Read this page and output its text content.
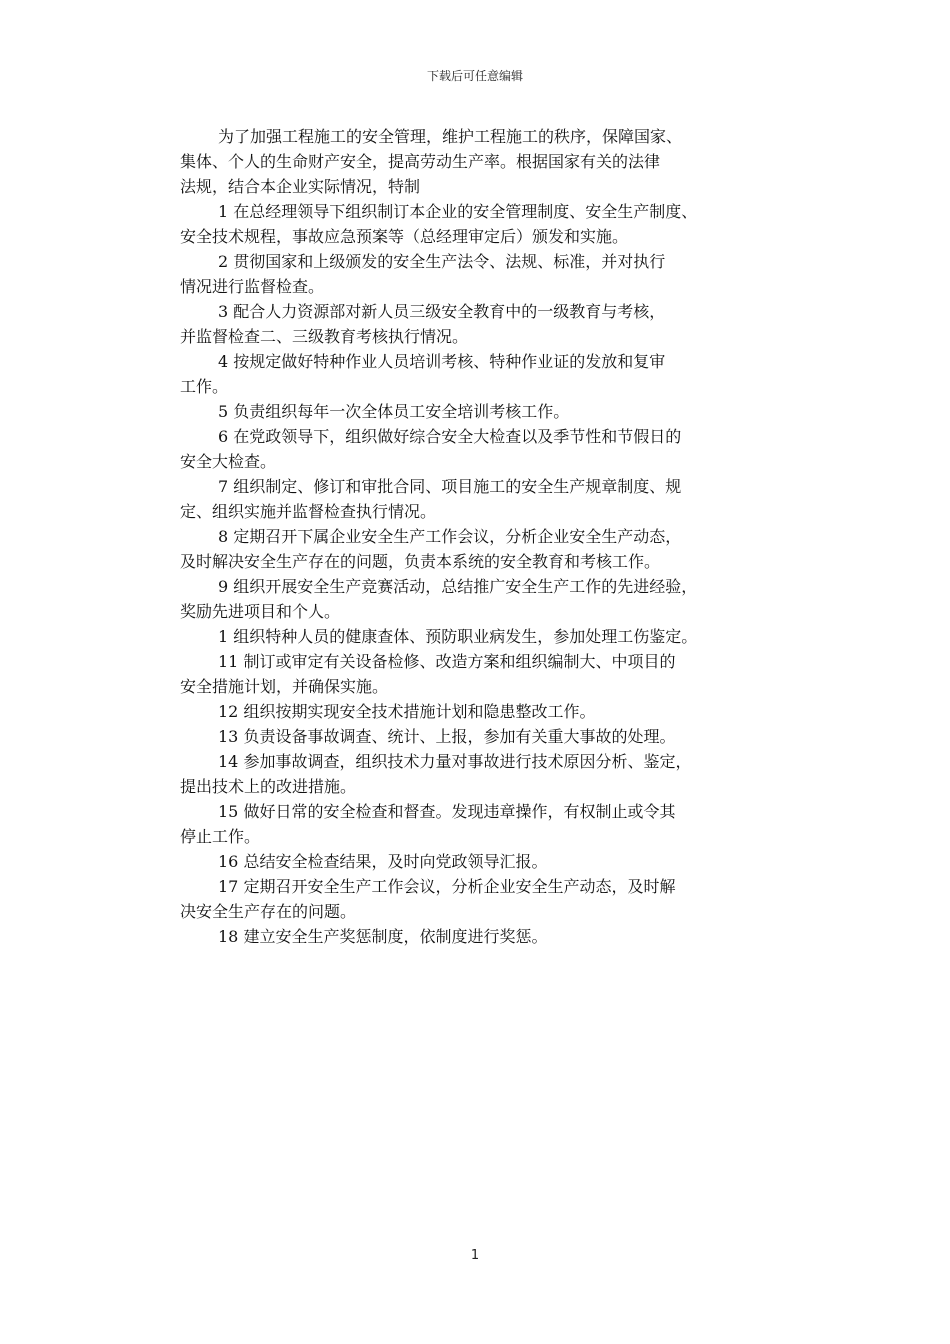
下载后可任意编辑

为了加强工程施工的安全管理，维护工程施工的秩序，保障国家、
集体、个人的生命财产安全，提高劳动生产率。根据国家有关的法律
法规，结合本企业实际情况，特制

1 在总经理领导下组织制订本企业的安全管理制度、安全生产制度、
安全技术规程，事故应急预案等（总经理审定后）颁发和实施。

2 贯彻国家和上级颁发的安全生产法令、法规、标准，并对执行
情况进行监督检查。

3 配合人力资源部对新人员三级安全教育中的一级教育与考核，
并监督检查二、三级教育考核执行情况。

4 按规定做好特种作业人员培训考核、特种作业证的发放和复审
工作。

5 负责组织每年一次全体员工安全培训考核工作。

6 在党政领导下，组织做好综合安全大检查以及季节性和节假日的
安全大检查。

7 组织制定、修订和审批合同、项目施工的安全生产规章制度、规
定、组织实施并监督检查执行情况。

8 定期召开下属企业安全生产工作会议，分析企业安全生产动态，
及时解决安全生产存在的问题，负责本系统的安全教育和考核工作。

9 组织开展安全生产竞赛活动，总结推广安全生产工作的先进经验，
奖励先进项目和个人。

1 组织特种人员的健康查体、预防职业病发生，参加处理工伤鉴定。

11 制订或审定有关设备检修、改造方案和组织编制大、中项目的
安全措施计划，并确保实施。

12 组织按期实现安全技术措施计划和隐患整改工作。

13 负责设备事故调查、统计、上报，参加有关重大事故的处理。

14 参加事故调查，组织技术力量对事故进行技术原因分析、鉴定，
提出技术上的改进措施。

15 做好日常的安全检查和督查。发现违章操作，有权制止或令其
停止工作。

16 总结安全检查结果，及时向党政领导汇报。

17 定期召开安全生产工作会议，分析企业安全生产动态，及时解
决安全生产存在的问题。

18 建立安全生产奖惩制度，依制度进行奖惩。

1
